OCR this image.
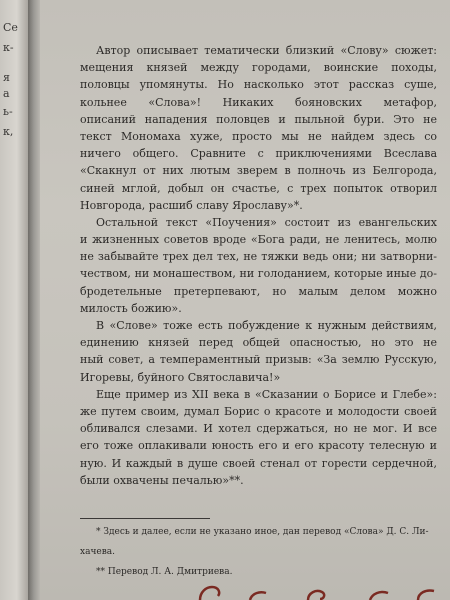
Се
к-
я
а
ь-
к,
Автор описывает тематически близкий «Слову» сюжет:
мещения князей между городами, воинские походы,
половцы упомянуты. Но насколько этот рассказ суше,
кольнее «Слова»! Никаких бояновских метафор,
описаний нападения половцев и пыльной бури. Это не
текст Мономаха хуже, просто мы не найдем здесь со
ничего общего. Сравните с приключениями Всеслава
«Скакнул от них лютым зверем в полночь из Белгорода,
синей мглой, добыл он счастье, с трех попыток отворил
Новгорода, расшиб славу Ярославу»*.
Остальной текст «Поучения» состоит из евангельских
и жизненных советов вроде «Бога ради, не ленитесь, молю
не забывайте трех дел тех, не тяжки ведь они; ни затворни-
чеством, ни монашеством, ни голоданием, которые иные до-
бродетельные претерпевают, но малым делом можно
милость божию».
В «Слове» тоже есть побуждение к нужным действиям,
единению князей перед общей опасностью, но это не
ный совет, а темпераментный призыв: «За землю Русскую,
Игоревы, буйного Святославича!»
Еще пример из XII века в «Сказании о Борисе и Глебе»:
же путем своим, думал Борис о красоте и молодости своей
обливался слезами. И хотел сдержаться, но не мог. И все
его тоже оплакивали юность его и его красоту телесную и
ную. И каждый в душе своей стенал от горести сердечной,
были охвачены печалью»**.
* Здесь и далее, если не указано иное, дан перевод «Слова» Д. С. Ли-
хачева.
** Перевод Л. А. Дмитриева.
